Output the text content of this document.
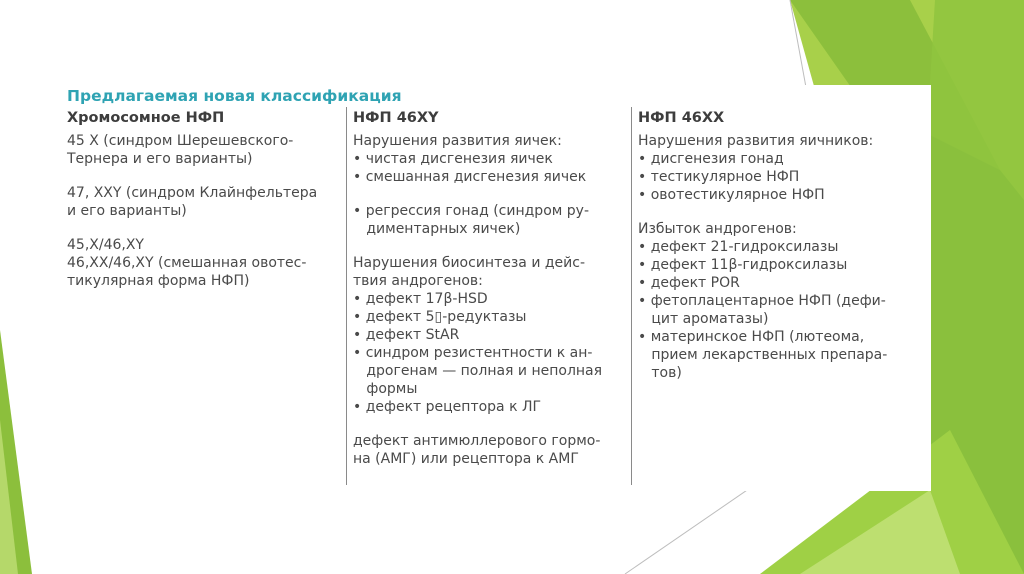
Предлагаемая новая классификация
Хромосомное НФП
45 X (синдром Шерешевского-
Тернера и его варианты)
47, XXY (синдром Клайнфельтера
и его варианты)
45,X/46,XY
46,XX/46,XY (смешанная овотес-
тикулярная форма НФП)
НФП 46XY
Нарушения развития яичек:
• чистая дисгенезия яичек
• смешанная дисгенезия яичек
• регрессия гонад (синдром ру-
диментарных яичек)
Нарушения биосинтеза и дейс-
твия андрогенов:
• дефект 17β-HSD
• дефект 5▯-редуктазы
• дефект StAR
• синдром резистентности к ан-
дрогенам — полная и неполная
формы
• дефект рецептора к ЛГ
дефект антимюллерового гормо-
на (АМГ) или рецептора к АМГ
НФП 46XX
Нарушения развития яичников:
• дисгенезия гонад
• тестикулярное НФП
• овотестикулярное НФП
Избыток андрогенов:
• дефект 21-гидроксилазы
• дефект 11β-гидроксилазы
• дефект POR
• фетоплацентарное НФП (дефи-
цит ароматазы)
• материнское НФП (лютеома,
прием лекарственных препара-
тов)
